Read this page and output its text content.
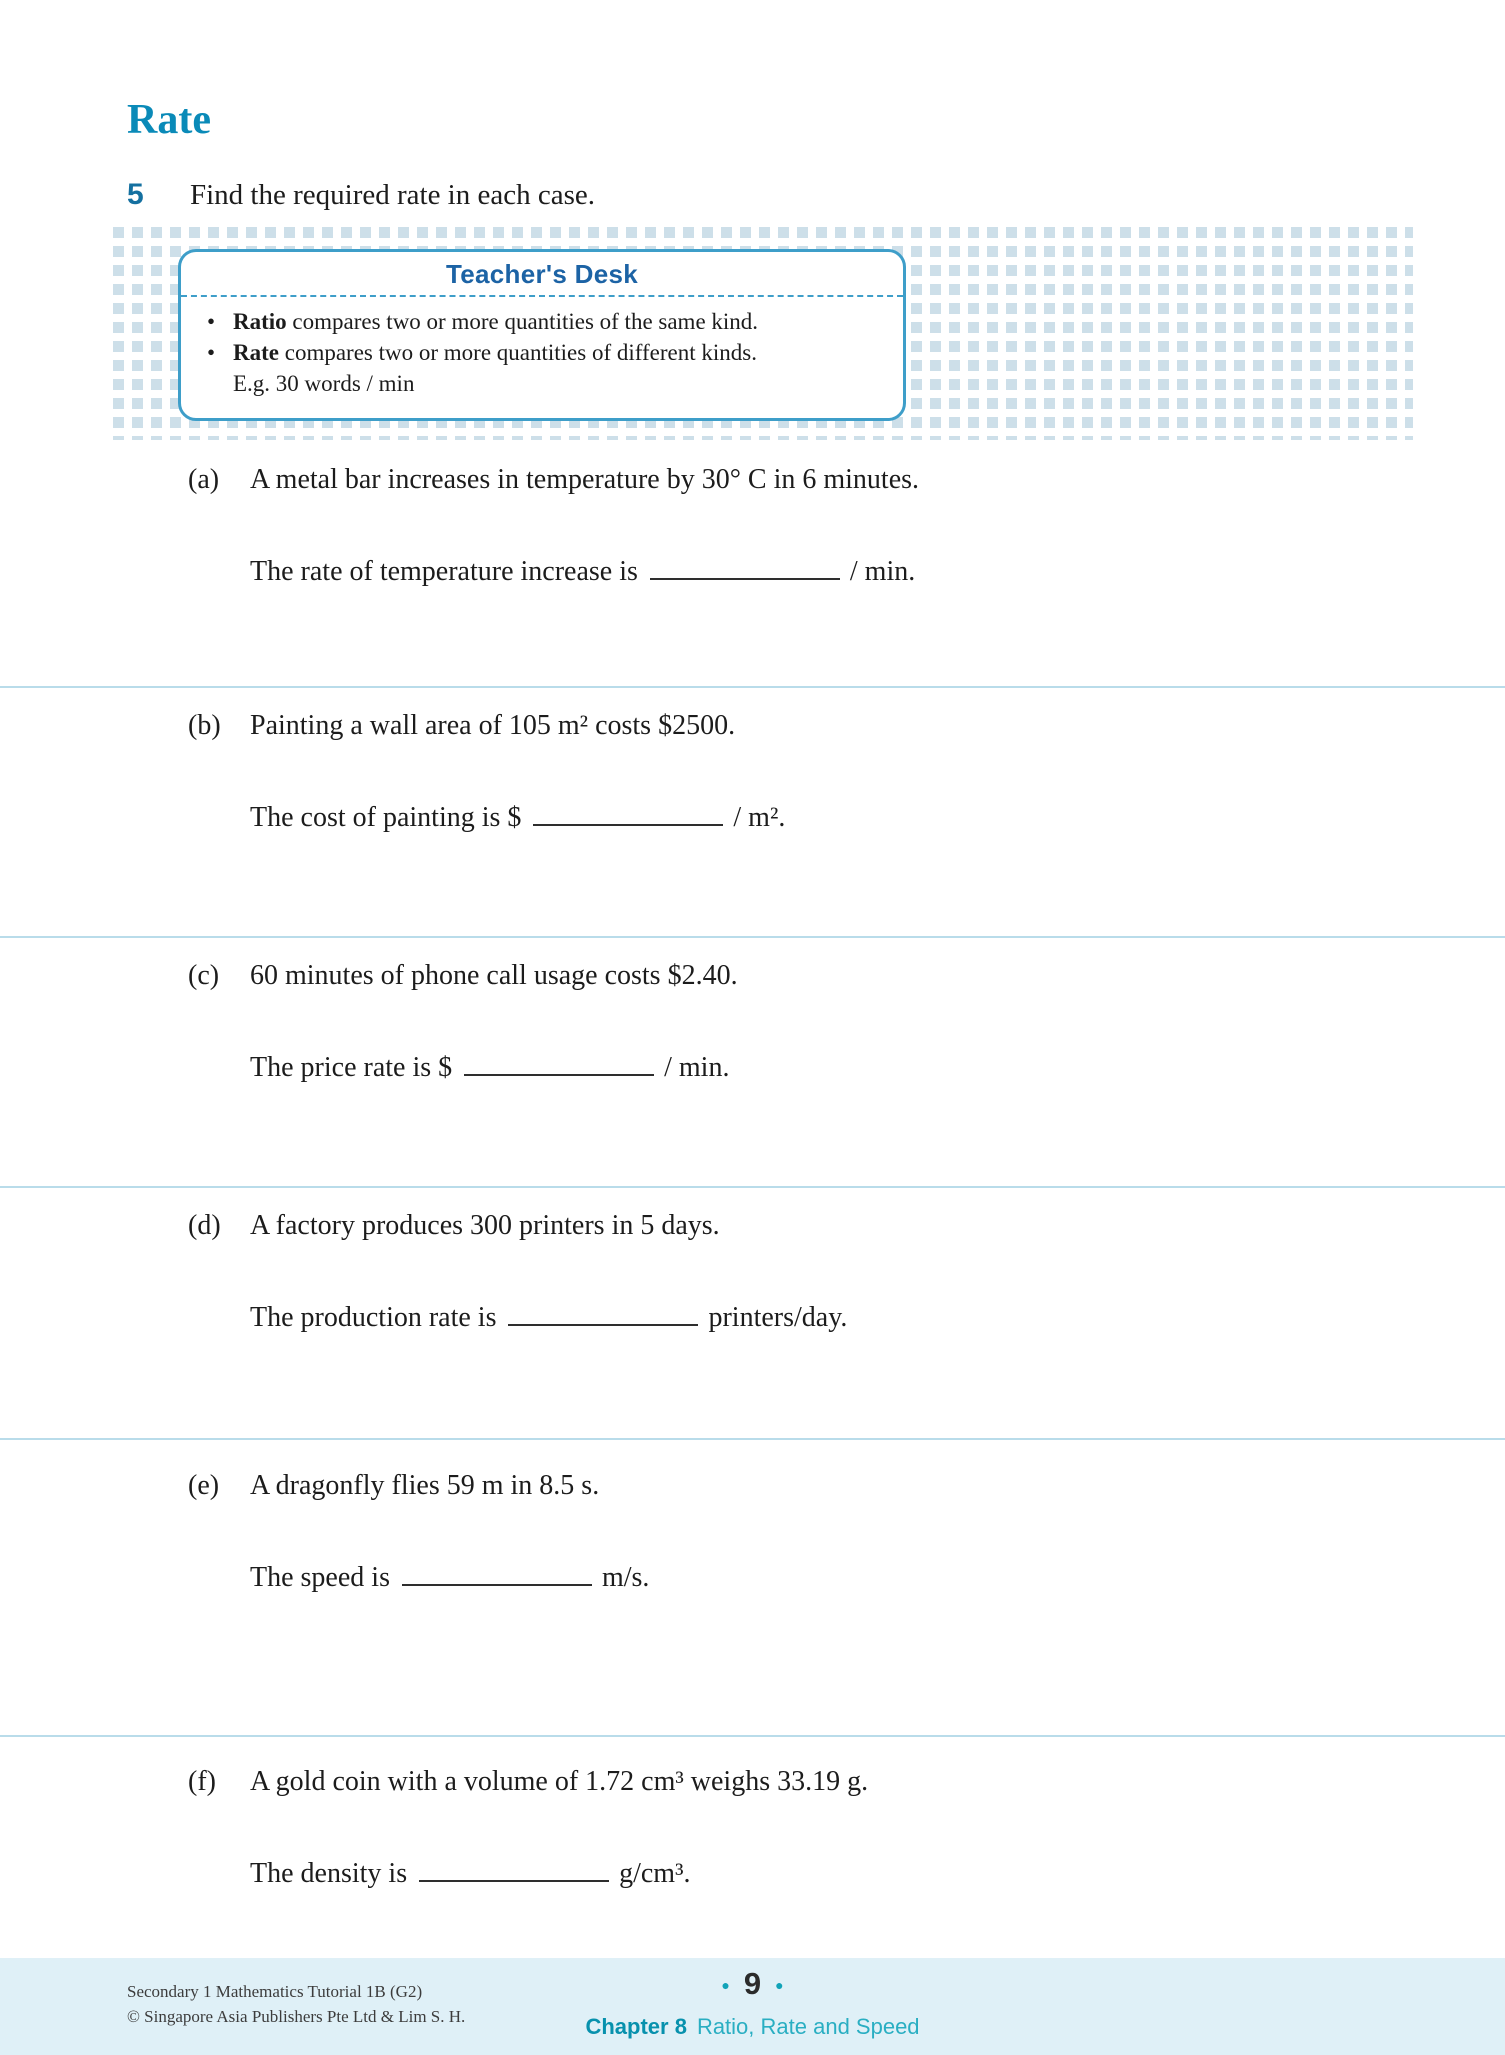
Rate
5	Find the required rate in each case.
Teacher's Desk
• Ratio compares two or more quantities of the same kind.
• Rate compares two or more quantities of different kinds.
E.g. 30 words / min
(a)	A metal bar increases in temperature by 30° C in 6 minutes.
The rate of temperature increase is	/ min.
(b)	Painting a wall area of 105 m² costs $2500.
The cost of painting is $	/ m².
(c)	60 minutes of phone call usage costs $2.40.
The price rate is $	/ min.
(d)	A factory produces 300 printers in 5 days.
The production rate is	printers/day.
(e)	A dragonfly flies 59 m in 8.5 s.
The speed is	m/s.
(f)	A gold coin with a volume of 1.72 cm³ weighs 33.19 g.
The density is	g/cm³.
Secondary 1 Mathematics Tutorial 1B (G2)
© Singapore Asia Publishers Pte Ltd & Lim S. H.
● 9 ●
Chapter 8 Ratio, Rate and Speed
